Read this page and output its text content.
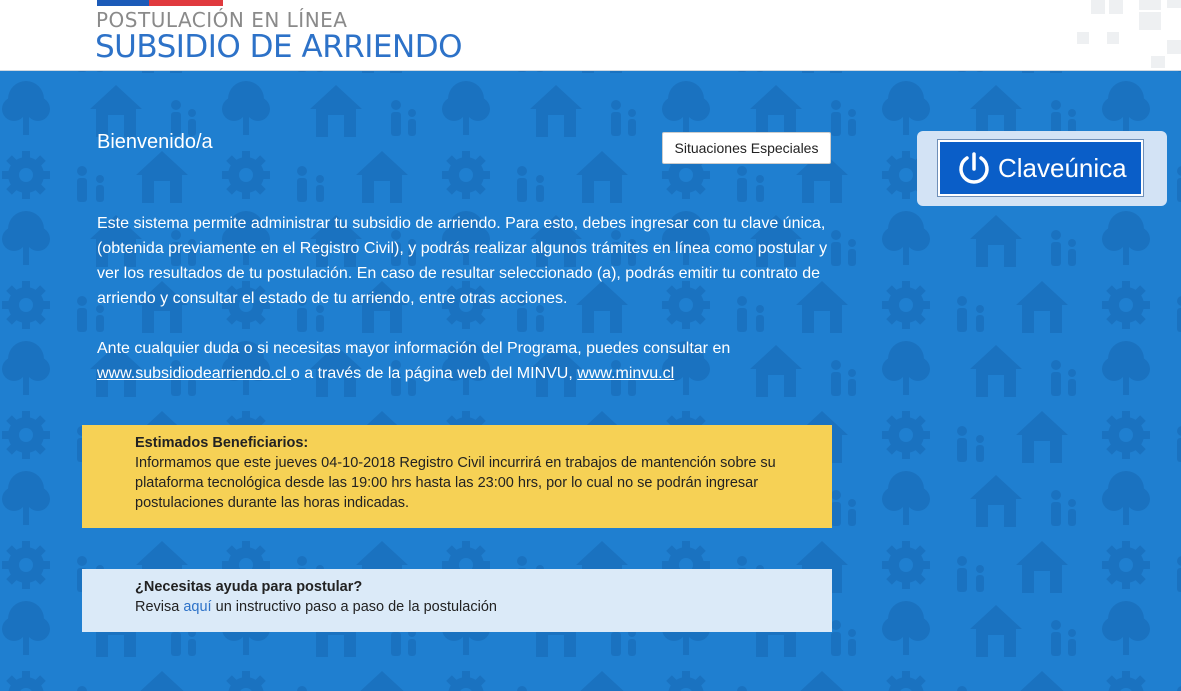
POSTULACIÓN EN LÍNEA
SUBSIDIO DE ARRIENDO
Bienvenido/a	Situaciones Especiales
Este sistema permite administrar tu subsidio de arriendo. Para esto, debes ingresar con tu clave única, (obtenida previamente en el Registro Civil), y podrás realizar algunos trámites en línea como postular y ver los resultados de tu postulación. En caso de resultar seleccionado (a), podrás emitir tu contrato de arriendo y consultar el estado de tu arriendo, entre otras acciones.
Ante cualquier duda o si necesitas mayor información del Programa, puedes consultar en
www.subsidiodearriendo.cl o a través de la página web del MINVU, www.minvu.cl
Estimados Beneficiarios:
Informamos que este jueves 04-10-2018 Registro Civil incurrirá en trabajos de mantención sobre su plataforma tecnológica desde las 19:00 hrs hasta las 23:00 hrs, por lo cual no se podrán ingresar postulaciones durante las horas indicadas.
¿Necesitas ayuda para postular?
Revisa aquí un instructivo paso a paso de la postulación
Claveúnica
